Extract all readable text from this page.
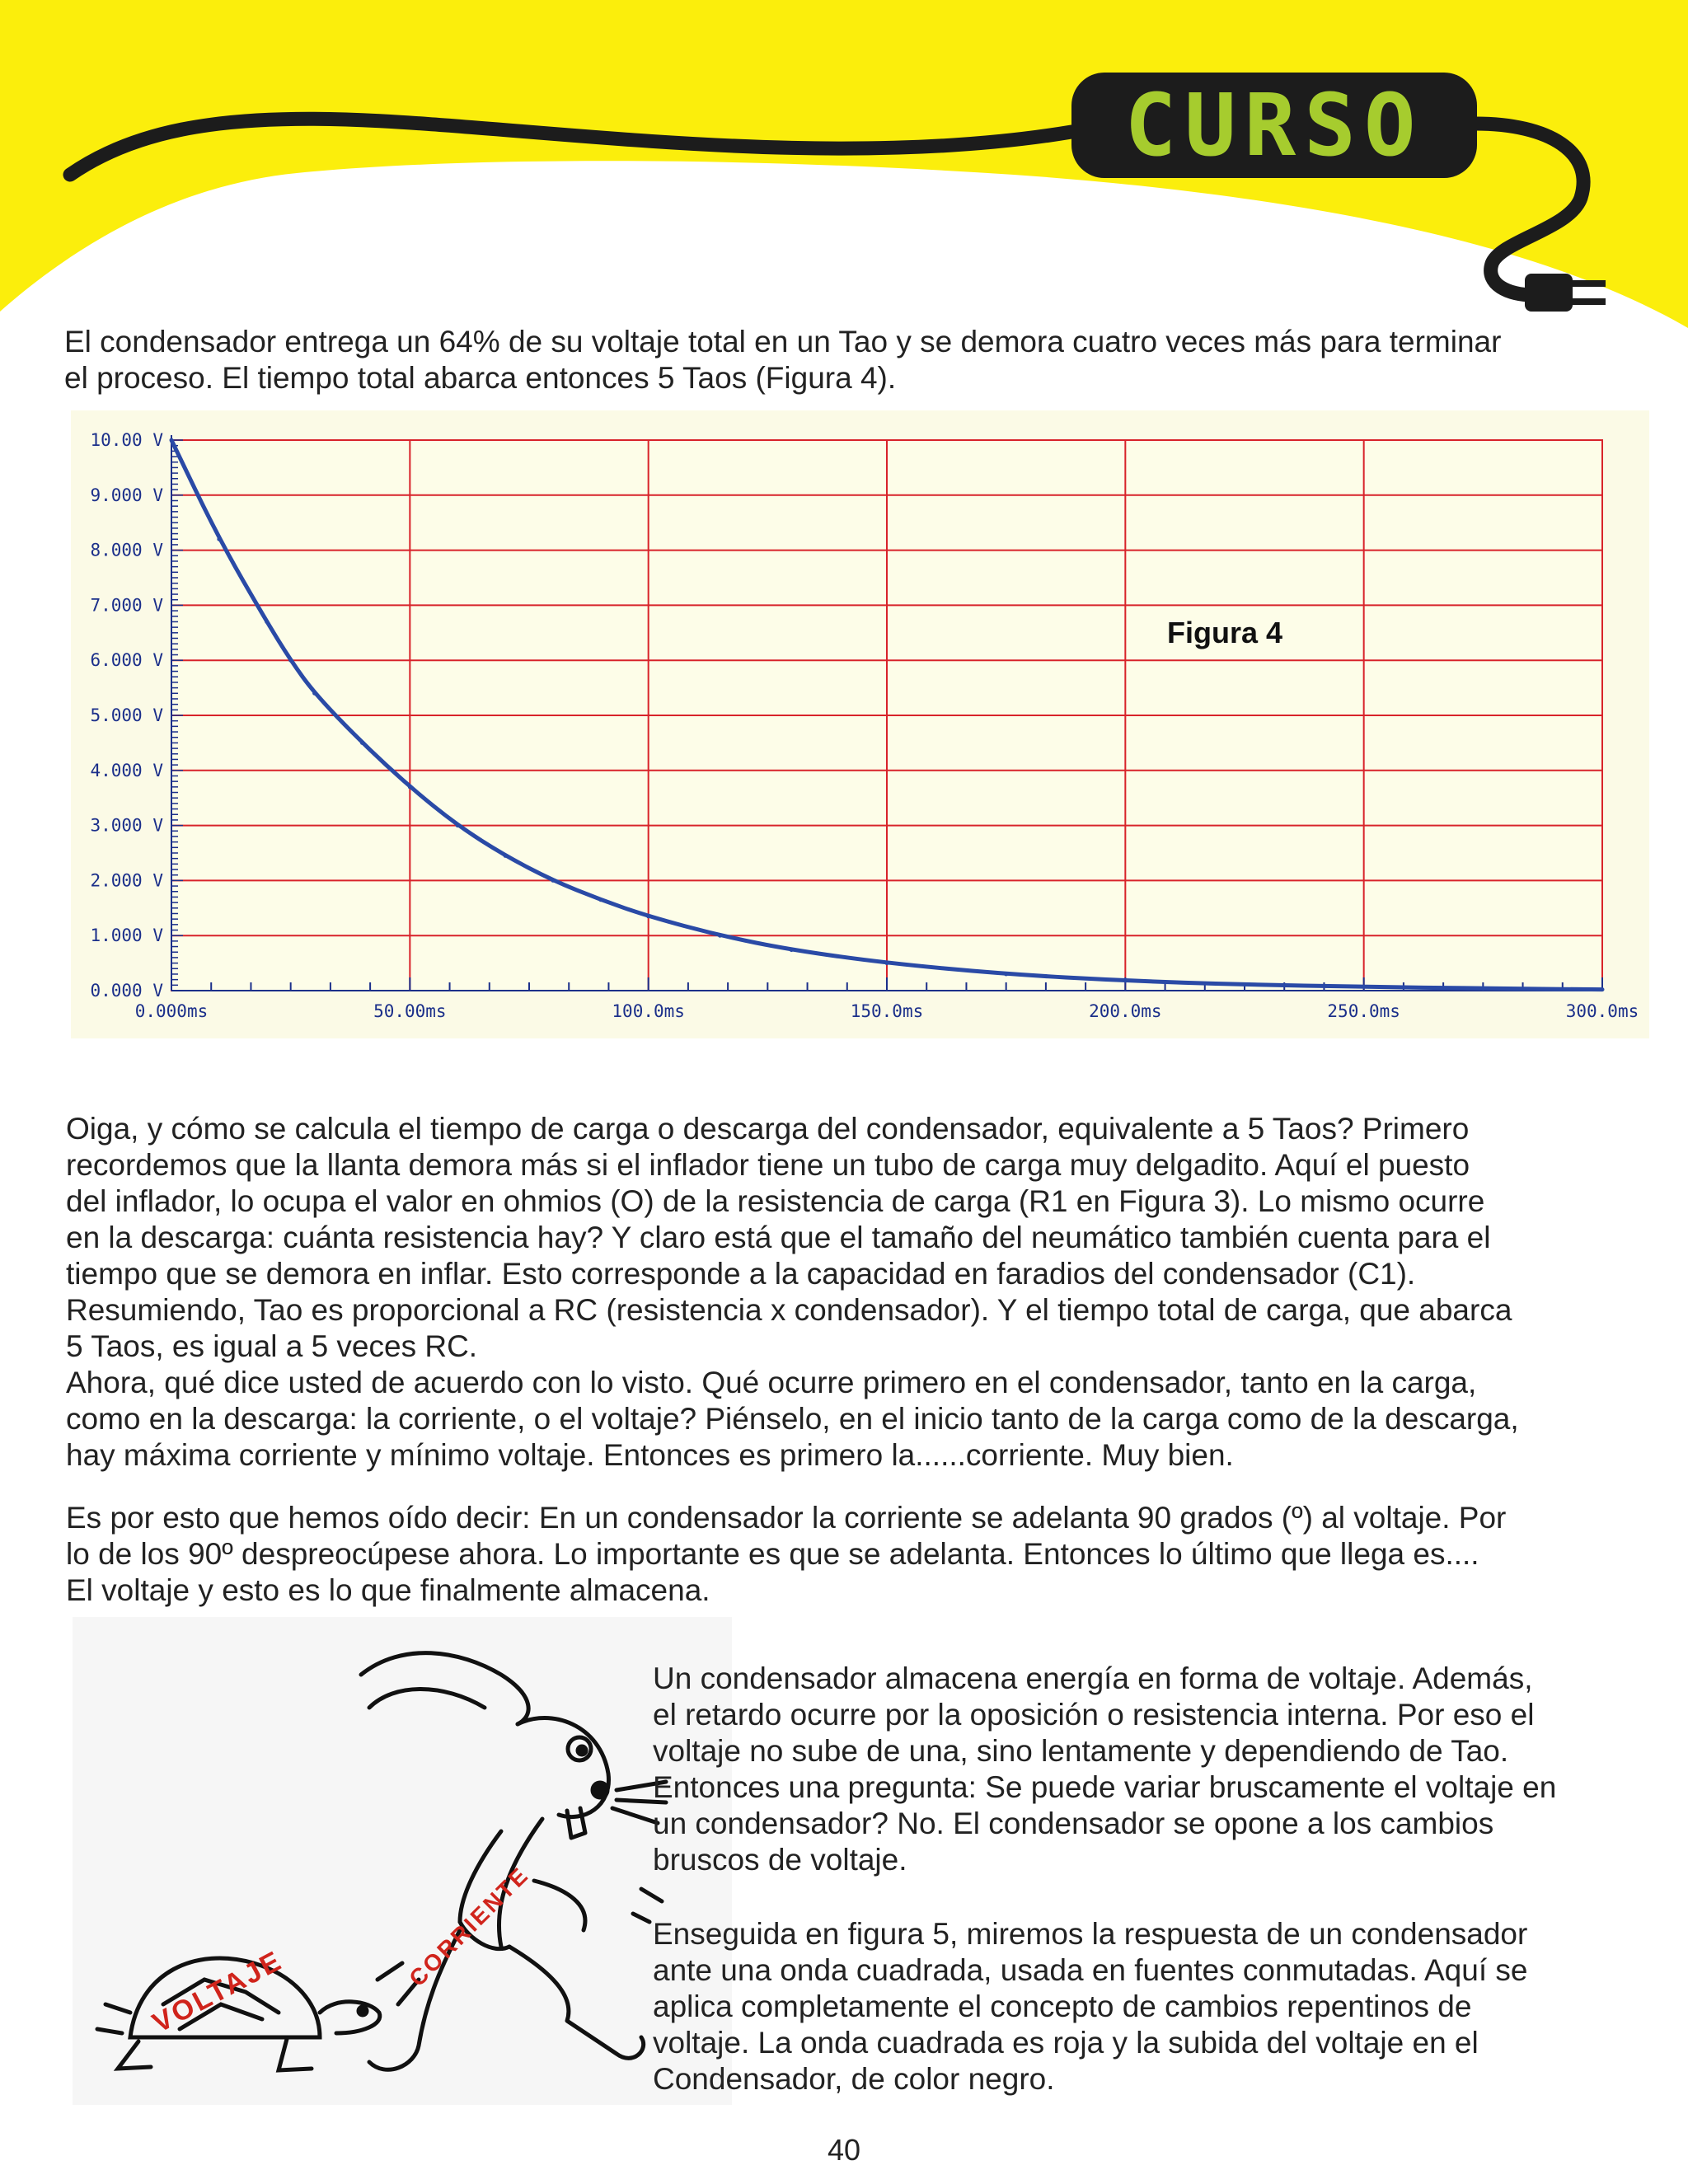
CURSO

El condensador entrega un 64% de su voltaje total en un Tao y se demora cuatro veces más para terminar
el proceso. El tiempo total abarca entonces 5 Taos (Figura 4).

0.000ms	50.00ms	100.0ms	150.0ms	200.0ms	250.0ms	300.0ms
0.000 V
1.000 V
2.000 V
3.000 V
4.000 V
5.000 V
6.000 V
7.000 V
8.000 V
9.000 V
10.00 V
Figura 4

Oiga, y cómo se calcula el tiempo de carga o descarga del condensador, equivalente a 5 Taos? Primero
recordemos que la llanta demora más si el inflador tiene un tubo de carga muy delgadito. Aquí el puesto
del inflador, lo ocupa el valor en ohmios (O) de la resistencia de carga (R1 en Figura 3). Lo mismo ocurre
en la descarga: cuánta resistencia hay? Y claro está que el tamaño del neumático también cuenta para el
tiempo que se demora en inflar. Esto corresponde a la capacidad en faradios del condensador (C1).
Resumiendo, Tao es proporcional a RC (resistencia x condensador). Y el tiempo total de carga, que abarca
5 Taos, es igual a 5 veces RC.
Ahora, qué dice usted de acuerdo con lo visto. Qué ocurre primero en el condensador, tanto en la carga,
como en la descarga: la corriente, o el voltaje? Piénselo, en el inicio tanto de la carga como de la descarga,
hay máxima corriente y mínimo voltaje. Entonces es primero la......corriente. Muy bien.

Es por esto que hemos oído decir: En un condensador la corriente se adelanta 90 grados (º) al voltaje. Por
lo de los 90º despreocúpese ahora. Lo importante es que se adelanta. Entonces lo último que llega es....
El voltaje y esto es lo que finalmente almacena.

VOLTAJE
CORRIENTE

Un condensador almacena energía en forma de voltaje. Además,
el retardo ocurre por la oposición o resistencia interna. Por eso el
voltaje no sube de una, sino lentamente y dependiendo de Tao.
Entonces una pregunta: Se puede variar bruscamente el voltaje en
un condensador? No. El condensador se opone a los cambios
bruscos de voltaje.

Enseguida en figura 5, miremos la respuesta de un condensador
ante una onda cuadrada, usada en fuentes conmutadas. Aquí se
aplica completamente el concepto de cambios repentinos de
voltaje. La onda cuadrada es roja y la subida del voltaje en el
Condensador, de color negro.

40
